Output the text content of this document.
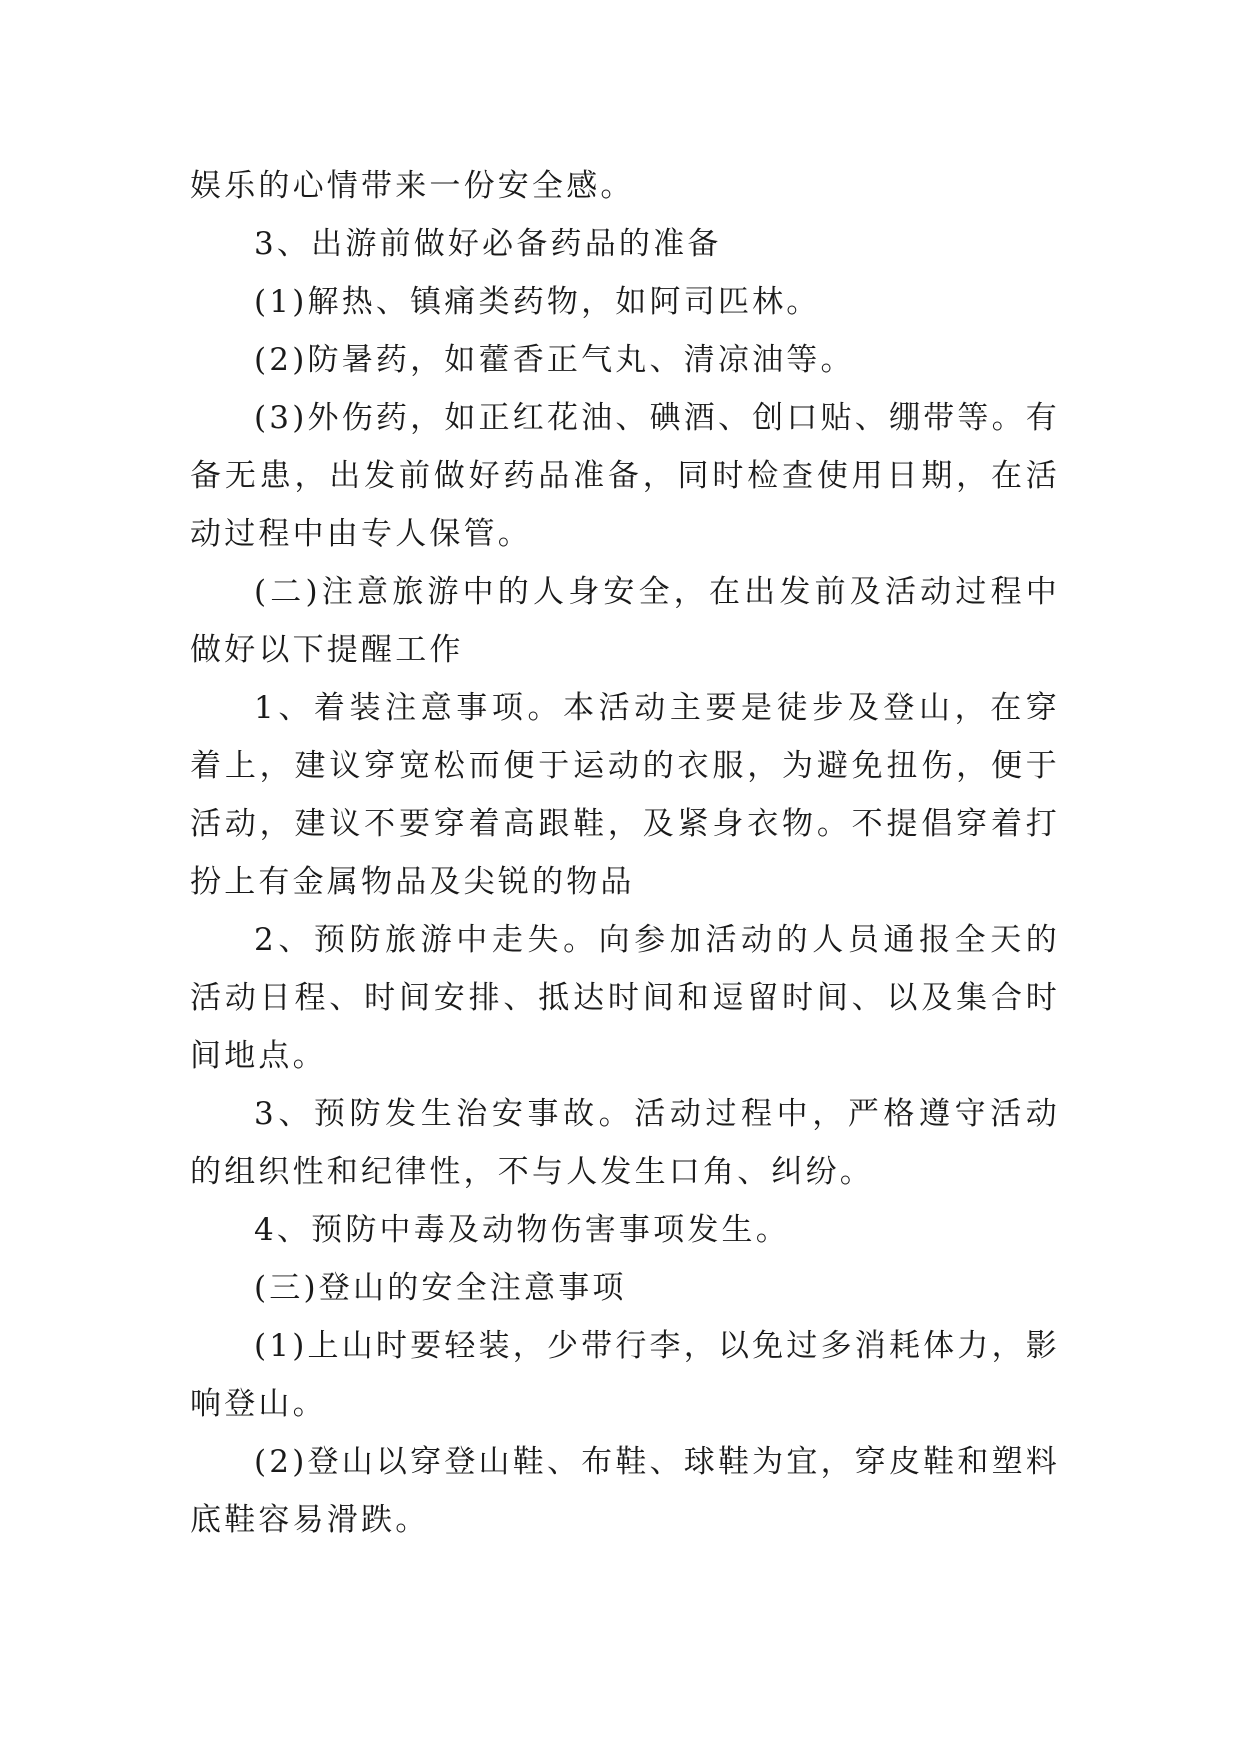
娱乐的心情带来一份安全感。

3、出游前做好必备药品的准备

(1)解热、镇痛类药物，如阿司匹林。

(2)防暑药，如藿香正气丸、清凉油等。

(3)外伤药，如正红花油、碘酒、创口贴、绷带等。有备无患，出发前做好药品准备，同时检查使用日期，在活动过程中由专人保管。

(二)注意旅游中的人身安全，在出发前及活动过程中做好以下提醒工作

1、着装注意事项。本活动主要是徒步及登山，在穿着上，建议穿宽松而便于运动的衣服，为避免扭伤，便于活动，建议不要穿着高跟鞋，及紧身衣物。不提倡穿着打扮上有金属物品及尖锐的物品

2、预防旅游中走失。向参加活动的人员通报全天的活动日程、时间安排、抵达时间和逗留时间、以及集合时间地点。

3、预防发生治安事故。活动过程中，严格遵守活动的组织性和纪律性，不与人发生口角、纠纷。

4、预防中毒及动物伤害事项发生。

(三)登山的安全注意事项

(1)上山时要轻装，少带行李，以免过多消耗体力，影响登山。

(2)登山以穿登山鞋、布鞋、球鞋为宜，穿皮鞋和塑料底鞋容易滑跌。
